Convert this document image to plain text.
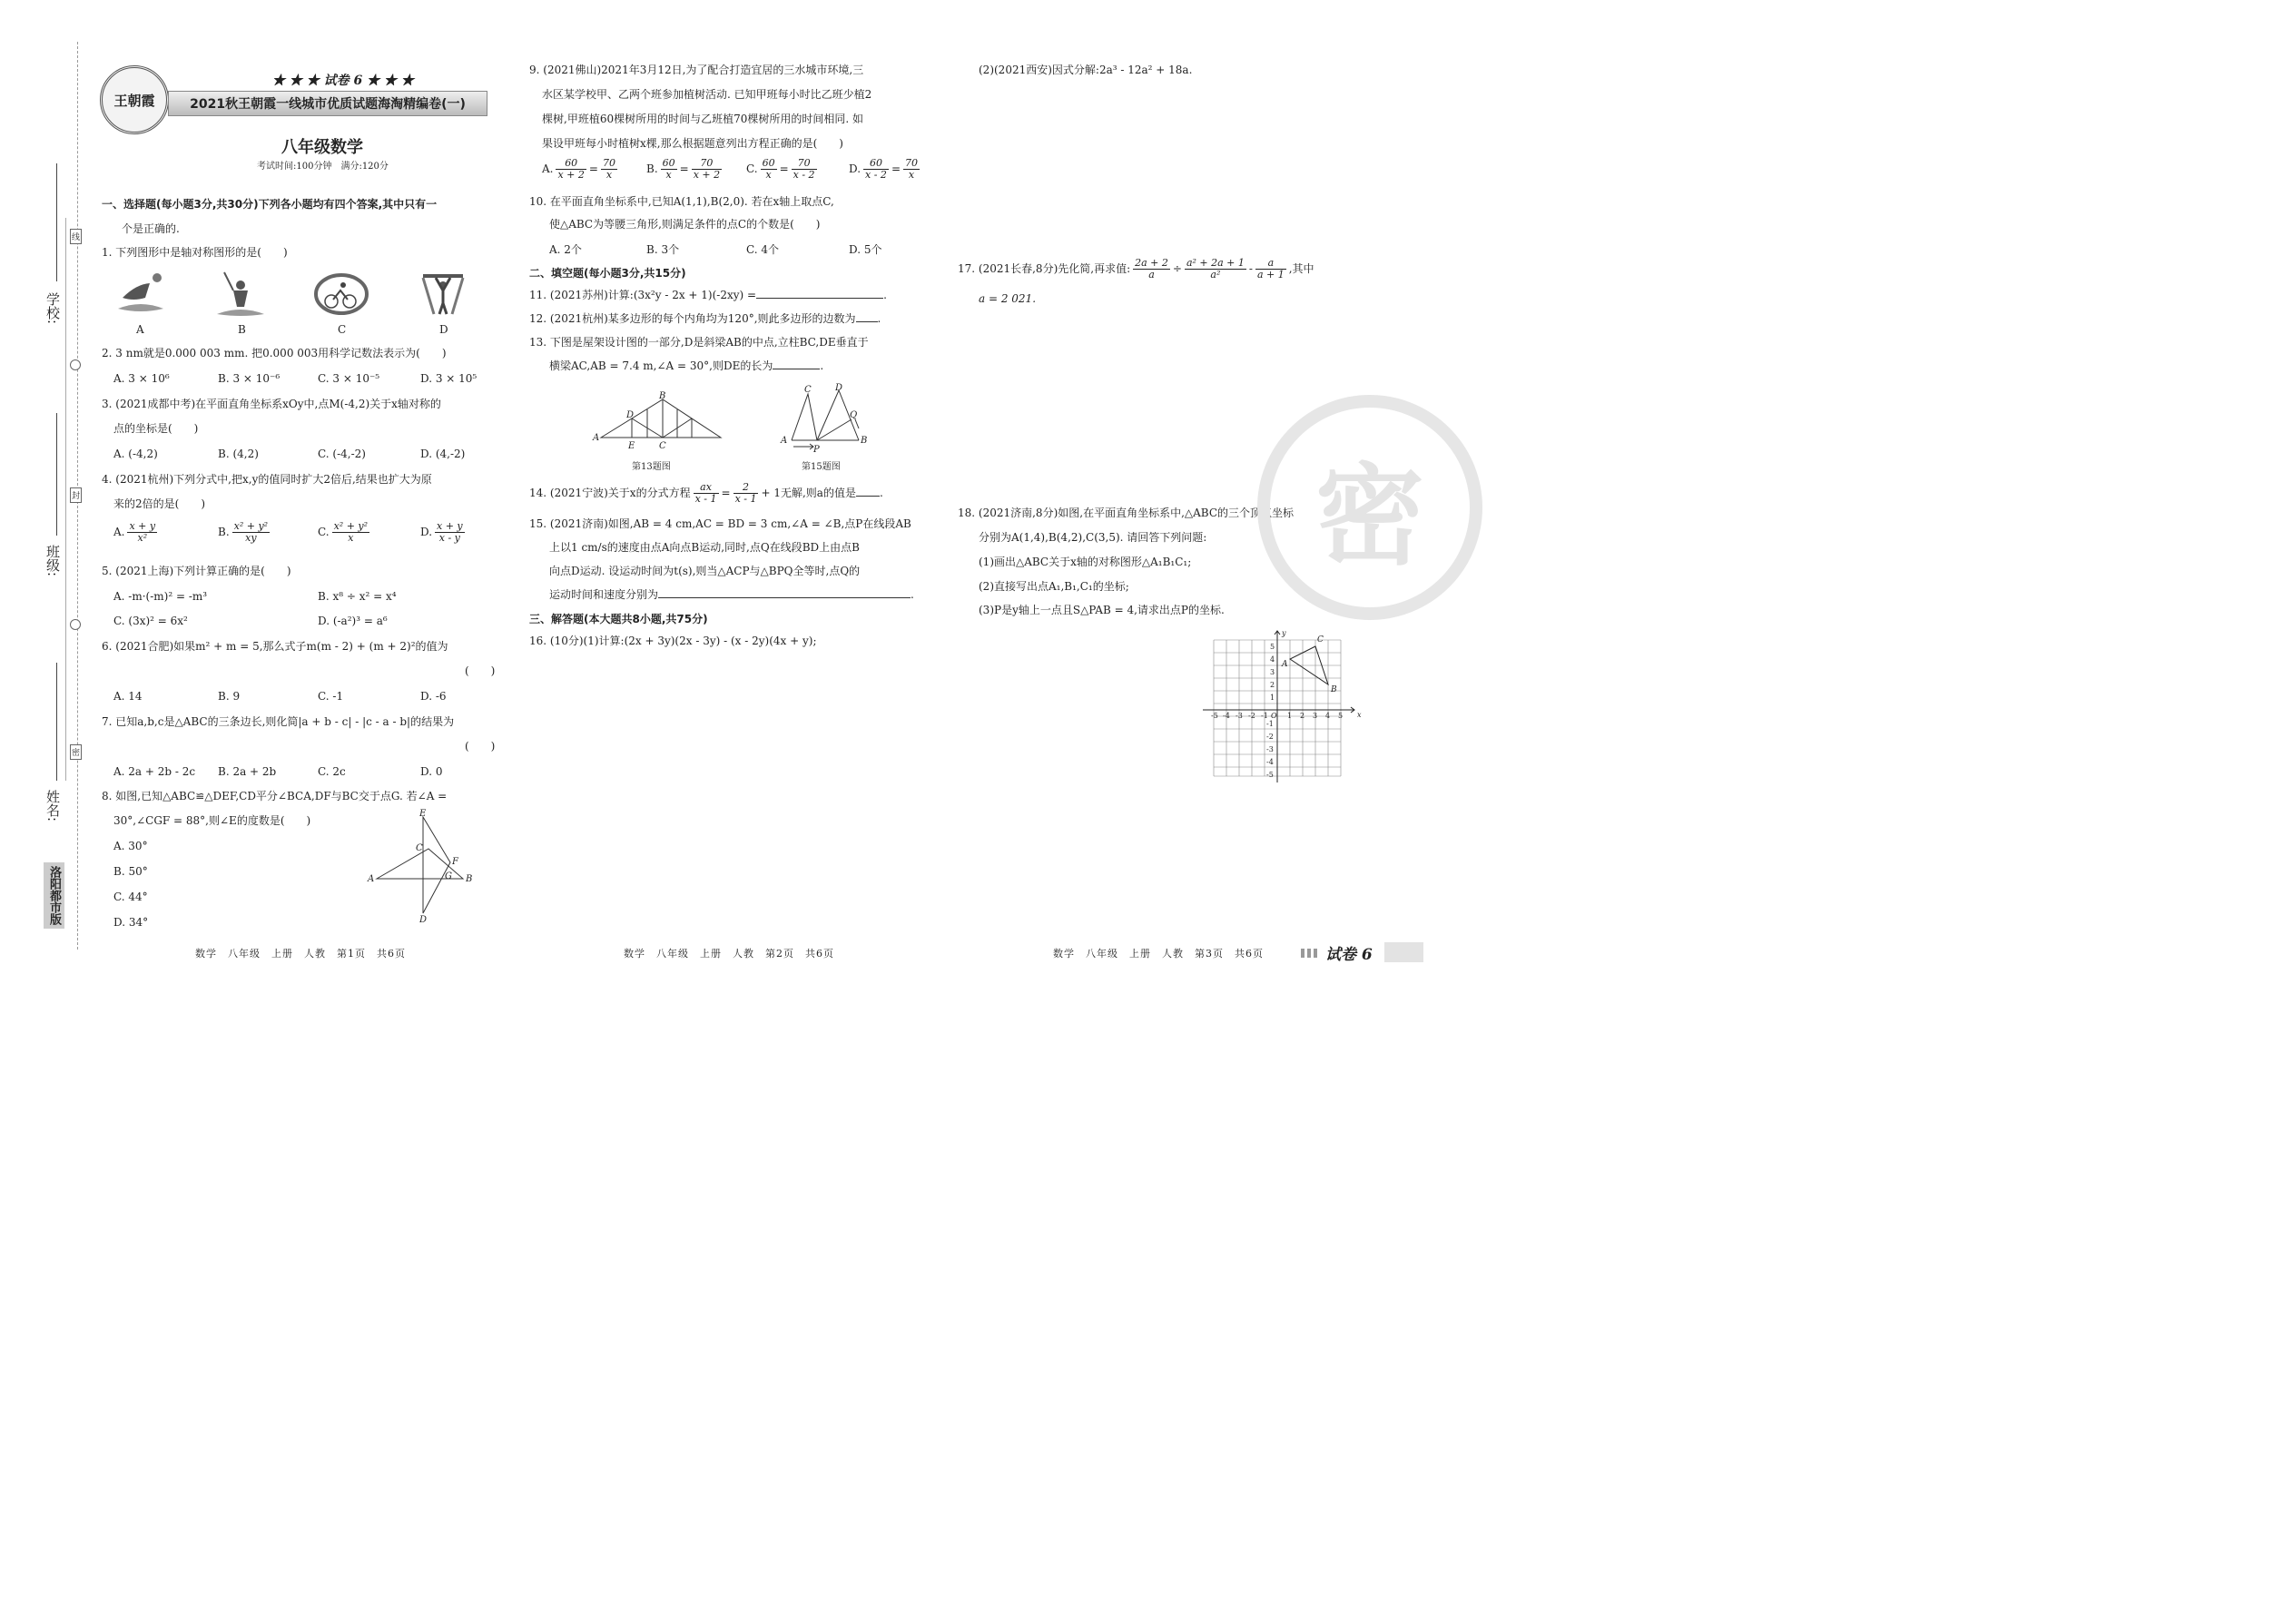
学校:
班级:
姓名:
线
封
密
洛阳都市版
王朝霞
★ ★ ★ 试卷 6 ★ ★ ★
2021秋王朝霞一线城市优质试题海淘精编卷(一)
八年级数学
考试时间:100分钟　满分:120分
一、选择题(每小题3分,共30分)下列各小题均有四个答案,其中只有一
个是正确的.
1. 下列图形中是轴对称图形的是(　　)
A	B	C	D
2. 3 nm就是0.000 003 mm. 把0.000 003用科学记数法表示为(　　)
A. 3 × 10⁶	B. 3 × 10⁻⁶	C. 3 × 10⁻⁵	D. 3 × 10⁵
3. (2021成都中考)在平面直角坐标系xOy中,点M(-4,2)关于x轴对称的
点的坐标是(　　)
A. (-4,2)	B. (4,2)	C. (-4,-2)	D. (4,-2)
4. (2021杭州)下列分式中,把x,y的值同时扩大2倍后,结果也扩大为原
来的2倍的是(　　)
A. $\frac{x + y}{\text{x²}}$	B. $\frac{\text{x² + y²}}{xy}$	C. $\frac{\text{x² + y²}}{x}$	D. $\frac{x + y}{x - y}$
5. (2021上海)下列计算正确的是(　　)
A. -m·(-m)² = -m³	B. x⁸ ÷ x² = x⁴
C. (3x)² = 6x²	D. (-a²)³ = a⁶
6. (2021合肥)如果m² + m = 5,那么式子m(m - 2) + (m + 2)²的值为
(　　)
A. 14	B. 9	C. -1	D. -6
7. 已知a,b,c是△ABC的三条边长,则化简|a + b - c| - |c - a - b|的结果为
(　　)
A. 2a + 2b - 2c B. 2a + 2b	C. 2c	D. 0
8. 如图,已知△ABC≌△DEF,CD平分∠BCA,DF与BC交于点G. 若∠A =
30°,∠CGF = 88°,则∠E的度数是(　　)
A. 30°
B. 50°
C. 44°
D. 34°
E
C
F
A	G B
D
9. (2021佛山)2021年3月12日,为了配合打造宜居的三水城市环境,三
水区某学校甲、乙两个班参加植树活动. 已知甲班每小时比乙班少植2
棵树,甲班植60棵树所用的时间与乙班植70棵树所用的时间相同. 如
果设甲班每小时植树x棵,那么根据题意列出方程正确的是(　　)
A. $\frac{60}{x + 2} = \frac{70}{x}$	B. $\frac{60}{x} = \frac{70}{x + 2} C$. $\frac{60}{x} = \frac{70}{x - 2}$	D. $\frac{60}{x - 2} = \frac{70}{x}$
10. 在平面直角坐标系中,已知A(1,1),B(2,0). 若在x轴上取点C,
使△ABC为等腰三角形,则满足条件的点C的个数是(　　)
A. 2个	B. 3个	C. 4个	D. 5个
二、填空题(每小题3分,共15分)
11. (2021苏州)计算:(3x²y - 2x + 1)(-2xy) =	.
12. (2021杭州)某多边形的每个内角均为120°,则此多边形的边数为 .
13. 下图是屋架设计图的一部分,D是斜梁AB的中点,立柱BC,DE垂直于
横梁AC,AB = 7.4 m,∠A = 30°,则DE的长为	.
B
D
A
E	C
第13题图
C	D
Q
A
P
B
第15题图
14. (2021宁波)关于x的分式方程 $\frac{ax}{x - 1} = \frac{2}{x - 1} + 1$无解,则a的值是 .
15. (2021济南)如图,AB = 4 cm,AC = BD = 3 cm,∠A = ∠B,点P在线段AB
上以1 cm/s的速度由点A向点B运动,同时,点Q在线段BD上由点B
向点D运动. 设运动时间为t(s),则当△ACP与△BPQ全等时,点Q的
运动时间和速度分别为	.
三、解答题(本大题共8小题,共75分)
16. (10分)(1)计算:(2x + 3y)(2x - 3y) - (x - 2y)(4x + y);
(2)(2021西安)因式分解:2a³ - 12a² + 18a.
17. (2021长春,8分)先化简,再求值: $\frac{2a + 2}{a} \div \frac{\text{a² + 2a + 1}}{\text{a²}} - \frac{a}{a + 1}$ ,其中
a = 2 021.
18. (2021济南,8分)如图,在平面直角坐标系中,△ABC的三个顶点坐标
分别为A(1,4),B(4,2),C(3,5). 请回答下列问题:
(1)画出△ABC关于x轴的对称图形△A₁B₁C₁;
(2)直接写出点A₁,B₁,C₁的坐标;
(3)P是y轴上一点且S△PAB = 4,请求出点P的坐标.
-5 -4 -3 -2 -1 O 1 2 3 4 5 x
5
4
3
2
1
-1
-2
-3
-4
-5
y
A
B
C
密
数学　八年级　上册　人教　第1页　共6页	数学　八年级　上册　人教　第2页　共6页	数学　八年级　上册　人教　第3页　共6页	试卷 6
